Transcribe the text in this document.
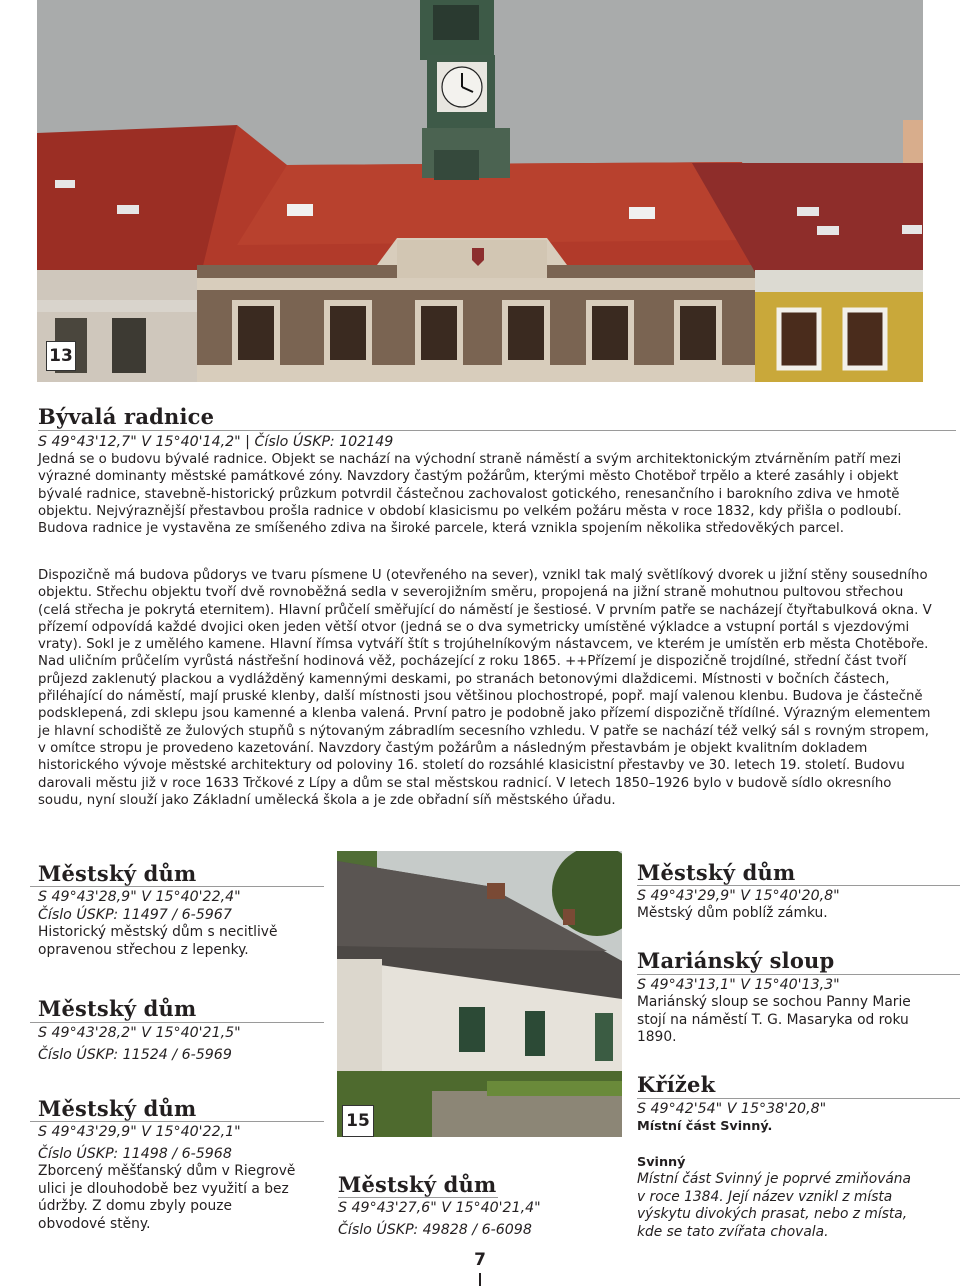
13
Bývalá radnice
S 49°43'12,7" V 15°40'14,2" | Číslo ÚSKP: 102149

Jedná se o budovu bývalé radnice. Objekt se nachází na východní straně náměstí a svým architektonickým ztvárněním patří mezi výrazné dominanty městské památkové zóny. Navzdory častým požárům, kterými město Chotěboř trpělo a které zasáhly i objekt bývalé radnice, stavebně-historický průzkum potvrdil částečnou zachovalost gotického, renesančního i barokního zdiva ve hmotě objektu. Nejvýraznější přestavbou prošla radnice v období klasicismu po velkém požáru města v roce 1832, kdy přišla o podloubí. Budova radnice je vystavěna ze smíšeného zdiva na široké parcele, která vznikla spojením několika středověkých parcel.

Dispozičně má budova půdorys ve tvaru písmene U (otevřeného na sever), vznikl tak malý světlíkový dvorek u jižní stěny sousedního objektu. Střechu objektu tvoří dvě rovnoběžná sedla v severojižním směru, propojená na jižní straně mohutnou pultovou střechou (celá střecha je pokrytá eternitem). Hlavní průčelí směřující do náměstí je šestiosé. V prvním patře se nacházejí čtyřtabulková okna. V přízemí odpovídá každé dvojici oken jeden větší otvor (jedná se o dva symetricky umístěné výkladce a vstupní portál s vjezdovými vraty). Sokl je z umělého kamene. Hlavní římsa vytváří štít s trojúhelníkovým nástavcem, ve kterém je umístěn erb města Chotěboře. Nad uličním průčelím vyrůstá nástřešní hodinová věž, pocházející z roku 1865. ++Přízemí je dispozičně trojdílné, střední část tvoří průjezd zaklenutý plackou a vydlážděný kamennými deskami, po stranách betonovými dlaždicemi. Místnosti v bočních částech, přiléhající do náměstí, mají pruské klenby, další místnosti jsou většinou plochostropé, popř. mají valenou klenbu. Budova je částečně podsklepená, zdi sklepu jsou kamenné a klenba valená. První patro je podobně jako přízemí dispozičně třídílné. Výrazným elementem je hlavní schodiště ze žulových stupňů s nýtovaným zábradlím secesního vzhledu. V patře se nachází též velký sál s rovným stropem, v omítce stropu je provedeno kazetování. Navzdory častým požárům a následným přestavbám je objekt kvalitním dokladem historického vývoje městské architektury od poloviny 16. století do rozsáhlé klasicistní přestavby ve 30. letech 19. století. Budovu darovali městu již v roce 1633 Trčkové z Lípy a dům se stal městskou radnicí. V letech 1850–1926 bylo v budově sídlo okresního soudu, nyní slouží jako Základní umělecká škola a je zde obřadní síň městského úřadu.

Městský dům
S 49°43'28,9" V 15°40'22,4"
Číslo ÚSKP: 11497 / 6-5967

Historický městský dům s necitlivě opravenou střechou z lepenky.

Městský dům
S 49°43'28,2" V 15°40'21,5"
Číslo ÚSKP: 11524 / 6-5969
Městský dům
S 49°43'29,9" V 15°40'22,1"
Číslo ÚSKP: 11498 / 6-5968

Zborcený měšťanský dům v Riegrově ulici je dlouhodobě bez využití a bez údržby. Z domu zbyly pouze obvodové stěny.

15
Městský dům
S 49°43'27,6" V 15°40'21,4"
Číslo ÚSKP: 49828 / 6-6098
Městský dům
S 49°43'29,9" V 15°40'20,8"

Městský dům poblíž zámku.

Mariánský sloup
S 49°43'13,1" V 15°40'13,3"

Mariánský sloup se sochou Panny Marie stojí na náměstí T. G. Masaryka od roku 1890.

Křížek
S 49°42'54" V 15°38'20,8"
Místní část Svinný.
Svinný

Místní část Svinný je poprvé zmiňována v roce 1384. Její název vznikl z místa výskytu divokých prasat, nebo z místa, kde se tato zvířata chovala.

7
